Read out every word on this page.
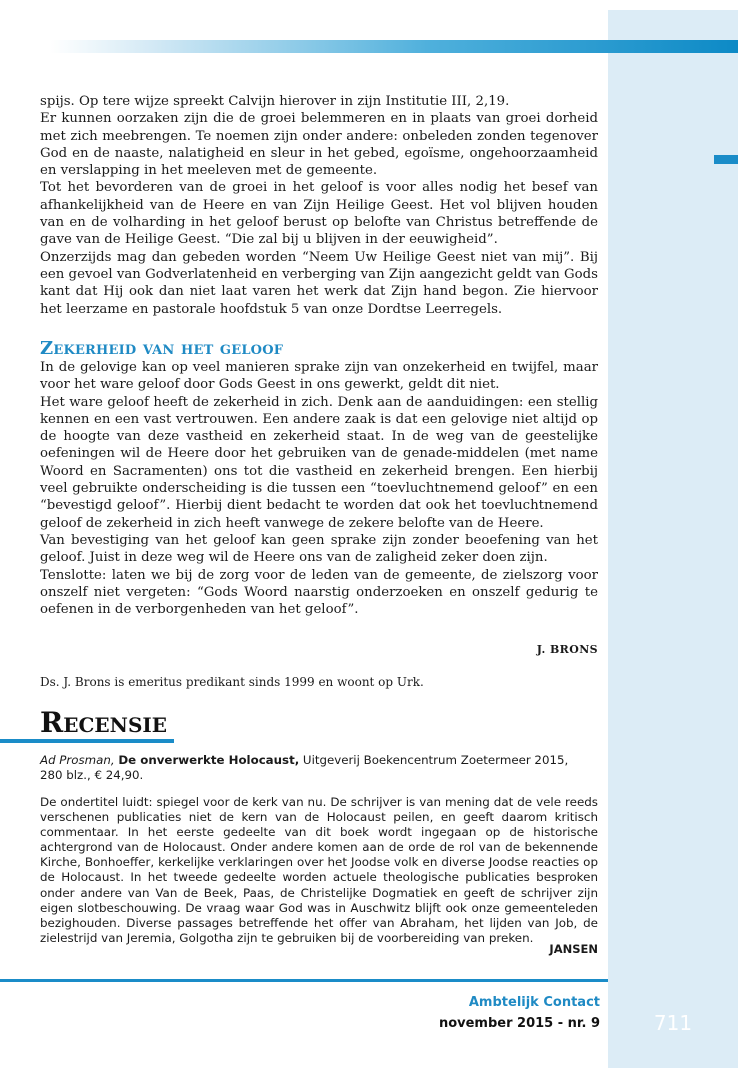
spijs. Op tere wijze spreekt Calvijn hierover in zijn Institutie III, 2,19.

Er kunnen oorzaken zijn die de groei belemmeren en in plaats van groei dorheid met zich meebrengen. Te noemen zijn onder andere: onbeleden zonden tegenover God en de naaste, nalatigheid en sleur in het gebed, egoïsme, ongehoorzaamheid en verslapping in het meeleven met de gemeente.

Tot het bevorderen van de groei in het geloof is voor alles nodig het besef van afhankelijkheid van de Heere en van Zijn Heilige Geest. Het vol blijven houden van en de volharding in het geloof berust op belofte van Christus betreffende de gave van de Heilige Geest. “Die zal bij u blijven in der eeuwigheid”.

Onzerzijds mag dan gebeden worden “Neem Uw Heilige Geest niet van mij”. Bij een gevoel van Godverlatenheid en verberging van Zijn aangezicht geldt van Gods kant dat Hij ook dan niet laat varen het werk dat Zijn hand begon. Zie hiervoor het leerzame en pastorale hoofdstuk 5 van onze Dordtse Leerregels.

Zekerheid van het geloof

In de gelovige kan op veel manieren sprake zijn van onzekerheid en twijfel, maar voor het ware geloof door Gods Geest in ons gewerkt, geldt dit niet.

Het ware geloof heeft de zekerheid in zich. Denk aan de aanduidingen: een stellig kennen en een vast vertrouwen. Een andere zaak is dat een gelovige niet altijd op de hoogte van deze vastheid en zekerheid staat. In de weg van de geestelijke oefeningen wil de Heere door het gebruiken van de genade-middelen (met name Woord en Sacramenten) ons tot die vastheid en zekerheid brengen. Een hierbij veel gebruikte onderscheiding is die tussen een “toevluchtnemend geloof” en een “bevestigd geloof”. Hierbij dient bedacht te worden dat ook het toevluchtnemend geloof de zekerheid in zich heeft vanwege de zekere belofte van de Heere.

Van bevestiging van het geloof kan geen sprake zijn zonder beoefening van het geloof. Juist in deze weg wil de Heere ons van de zaligheid zeker doen zijn.

Tenslotte: laten we bij de zorg voor de leden van de gemeente, de zielszorg voor onszelf niet vergeten: “Gods Woord naarstig onderzoeken en onszelf gedurig te oefenen in de verborgenheden van het geloof”.

J. BRONS
Ds. J. Brons is emeritus predikant sinds 1999 en woont op Urk.
Recensie
Ad Prosman, De onverwerkte Holocaust, Uitgeverij Boekencentrum Zoetermeer 2015, 280 blz., € 24,90.
De ondertitel luidt: spiegel voor de kerk van nu. De schrijver is van mening dat de vele reeds verschenen publicaties niet de kern van de Holocaust peilen, en geeft daarom kritisch commentaar. In het eerste gedeelte van dit boek wordt ingegaan op de historische achtergrond van de Holocaust. Onder andere komen aan de orde de rol van de bekennende Kirche, Bonhoeffer, kerkelijke verklaringen over het Joodse volk en diverse Joodse reacties op de Holocaust. In het tweede gedeelte worden actuele theologische publicaties besproken onder andere van Van de Beek, Paas, de Christelijke Dogmatiek en geeft de schrijver zijn eigen slotbeschouwing. De vraag waar God was in Auschwitz blijft ook onze gemeenteleden bezighouden. Diverse passages betreffende het offer van Abraham, het lijden van Job, de zielestrijd van Jeremia, Golgotha zijn te gebruiken bij de voorbereiding van preken.
JANSEN
Ambtelijk Contact
november 2015 - nr. 9	711
